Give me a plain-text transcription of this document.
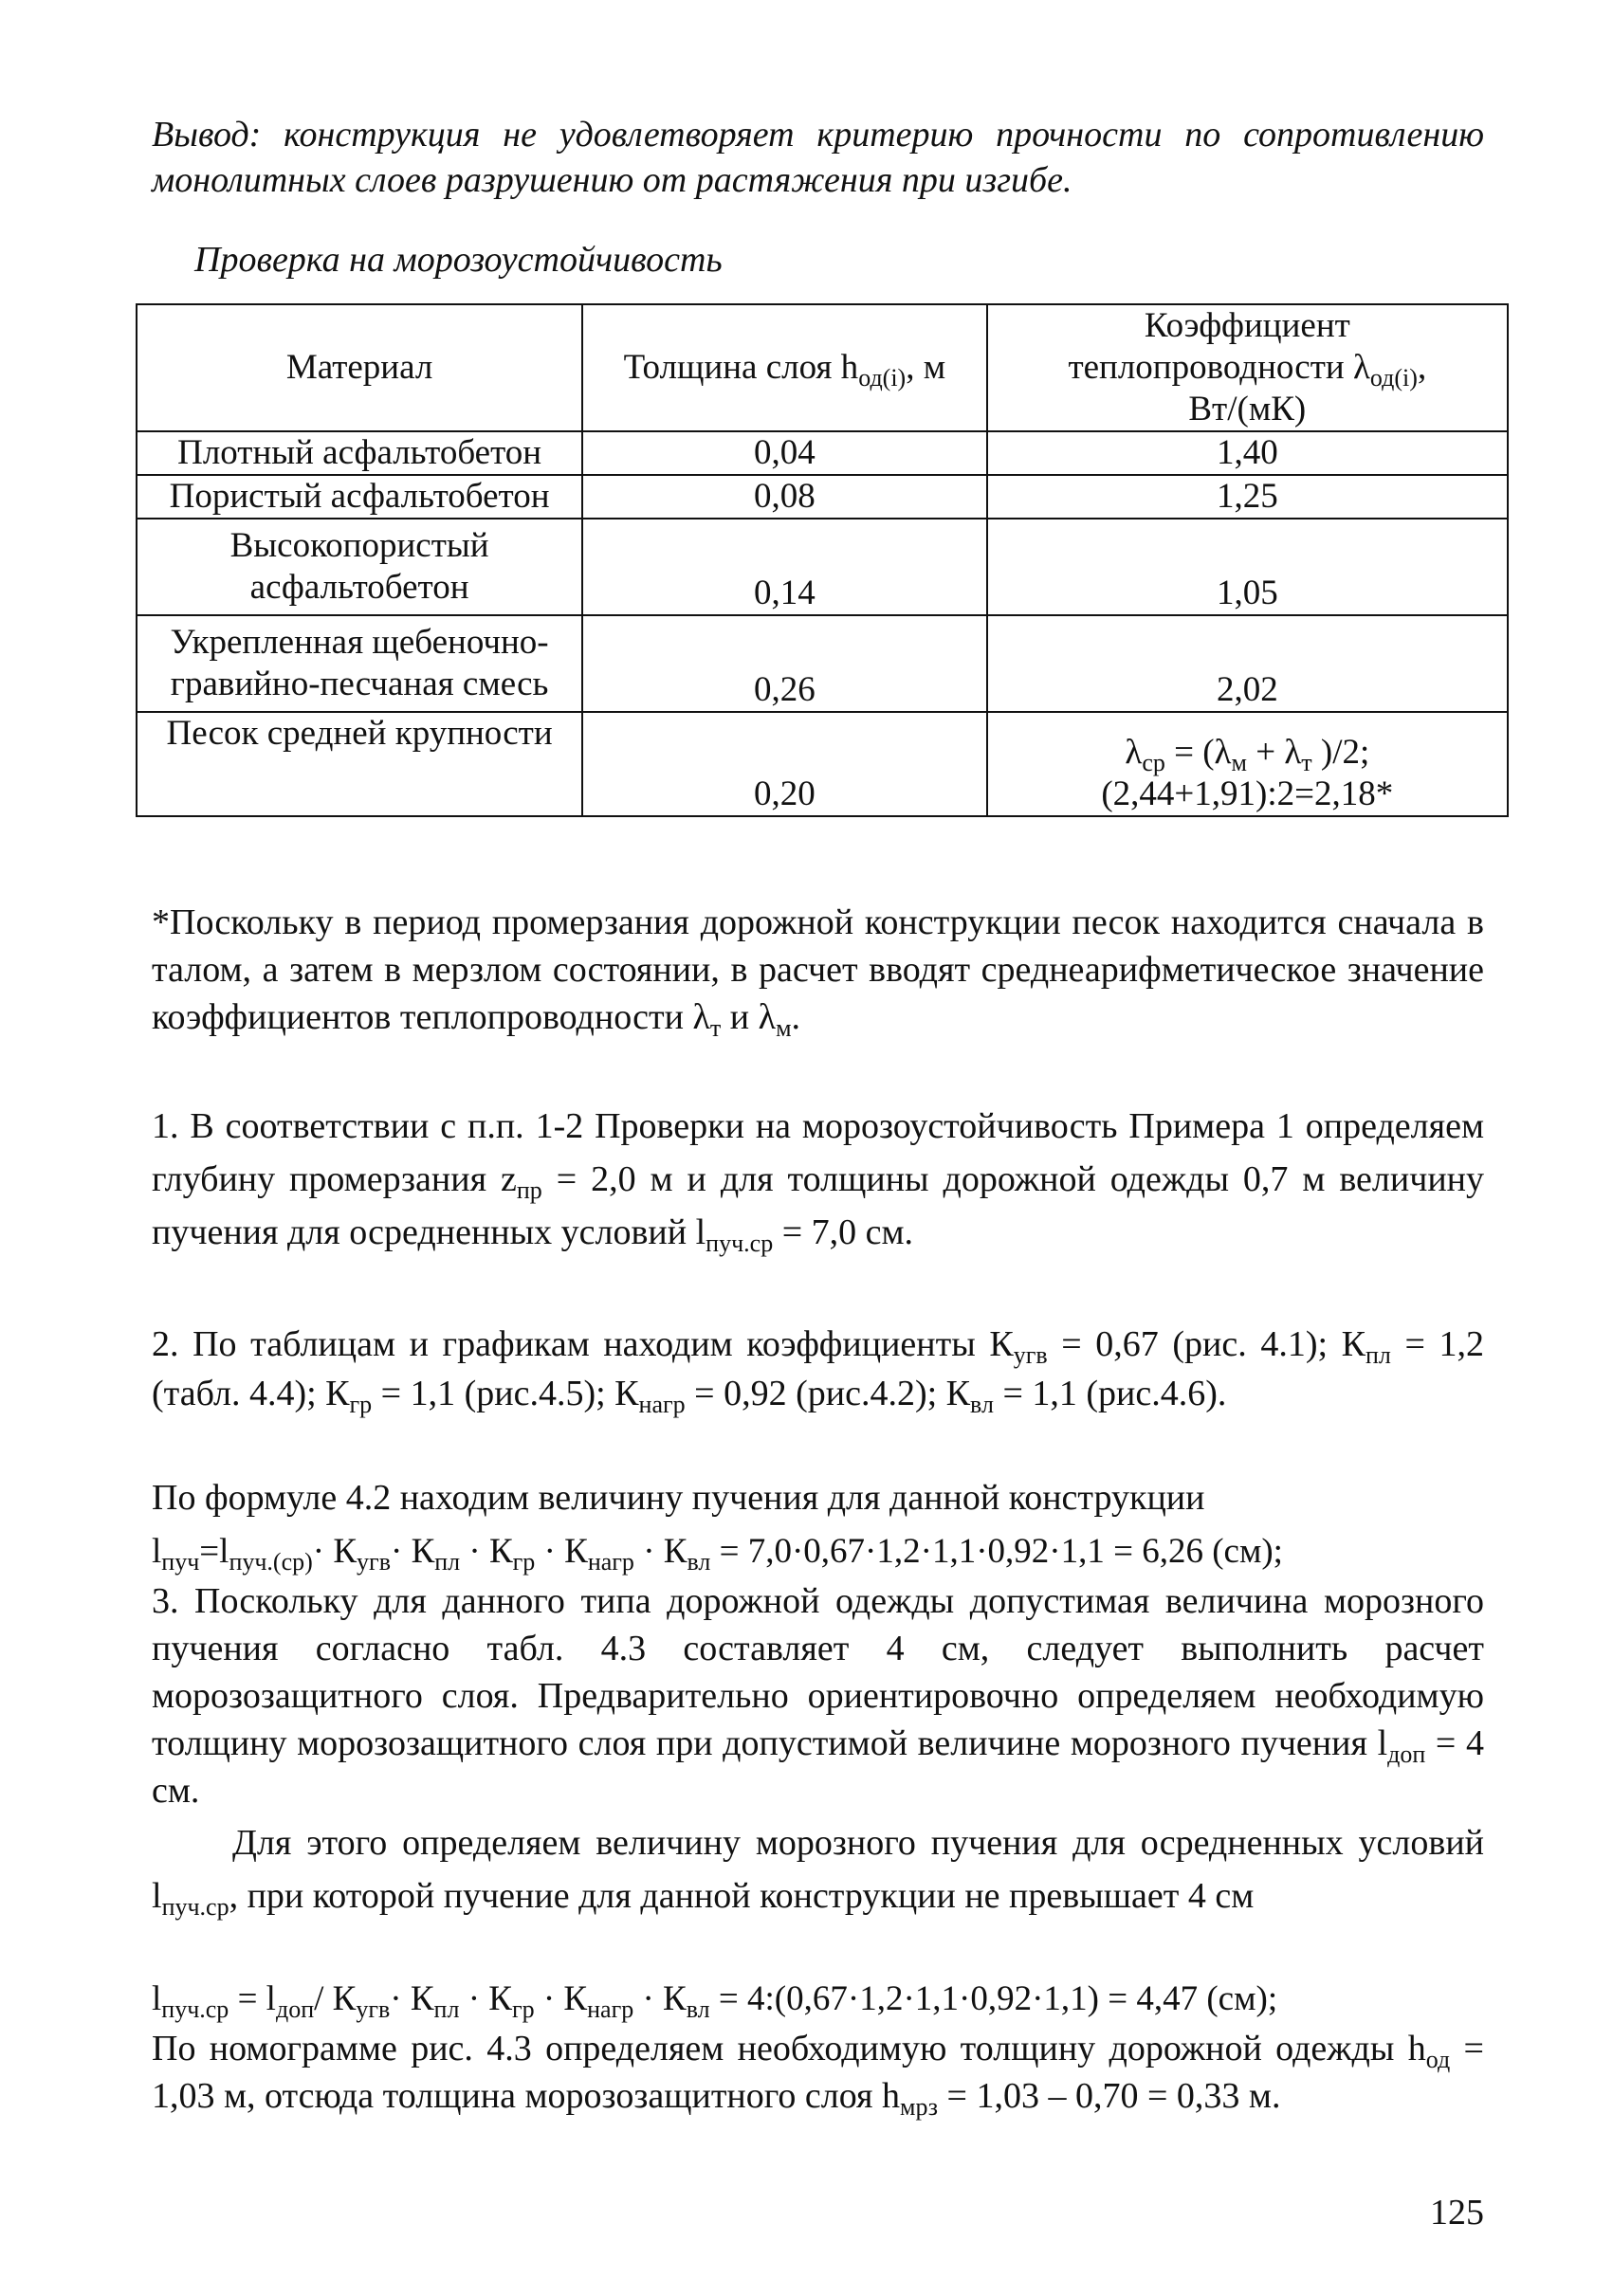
Вывод: конструкция не удовлетворяет критерию прочности по сопротивлению монолитных слоев разрушению от растяжения при изгибе.
Проверка на морозоустойчивость
Материал	Толщина слоя $h_{од(i)}$, м	Коэффициент
теплопроводности $\lambda_{од(i)}$,
Вт/(мК)
Плотный асфальтобетон	0,04	1,40
Пористый асфальтобетон	0,08	1,25
Высокопористый асфальтобетон	0,14	1,05
Укрепленная щебеночно-гравийно-песчаная смесь	0,26	2,02
Песок средней крупности	0,20	$\lambda_{ср} = (\lambda_м + \lambda_т$ )/2;
(2,44+1,91):2=2,18*
*Поскольку в период промерзания дорожной конструкции песок находится сначала в талом, а затем в мерзлом состоянии, в расчет вводят среднеарифметическое значение коэффициентов теплопроводности $\lambda_т$ и $\lambda_м$.
1. В соответствии с п.п. 1-2 Проверки на морозоустойчивость Примера 1 определяем глубину промерзания $z_{пр} = 2,0$ м и для толщины дорожной одежды 0,7 м величину пучения для осредненных условий $l_{пуч.ср} = 7,0$ см.
2. По таблицам и графикам находим коэффициенты $К_{угв} = 0,67$ (рис. 4.1); $К_{пл} = 1,2$ (табл. 4.4); $К_{гр} = 1,1$ (рис.4.5); $К_{нагр} = 0,92$ (рис.4.2); $К_{вл} = 1,1$ (рис.4.6).
По формуле 4.2 находим величину пучения для данной конструкции
$l_{пуч}=l_{пуч.(ср)}\cdot К_{угв}\cdot К_{пл} \cdot К_{гр} \cdot К_{нагр} \cdot К_{вл} = 7,0\cdot 0,67\cdot 1,2\cdot 1,1\cdot 0,92\cdot 1,1 = 6,26$ (см);
3. Поскольку для данного типа дорожной одежды допустимая величина морозного пучения согласно табл. 4.3 составляет 4 см, следует выполнить расчет морозозащитного слоя. Предварительно ориентировочно определяем необходимую толщину морозозащитного слоя при допустимой величине морозного пучения $l_{доп} = 4$ см.
Для этого определяем величину морозного пучения для осредненных условий $l_{пуч.ср}$, при которой пучение для данной конструкции не превышает 4 см
$l_{пуч.ср} = l_{доп}/$ $К_{угв}\cdot К_{пл} \cdot К_{гр} \cdot К_{нагр} \cdot К_{вл}$ = 4:(0,67·1,2·1,1·0,92·1,1) = 4,47 (см);
По номограмме рис. 4.3 определяем необходимую толщину дорожной одежды $h_{од} = 1,03$ м, отсюда толщина морозозащитного слоя $h_{мрз} = 1,03 - 0,70 = 0,33$ м.
125
